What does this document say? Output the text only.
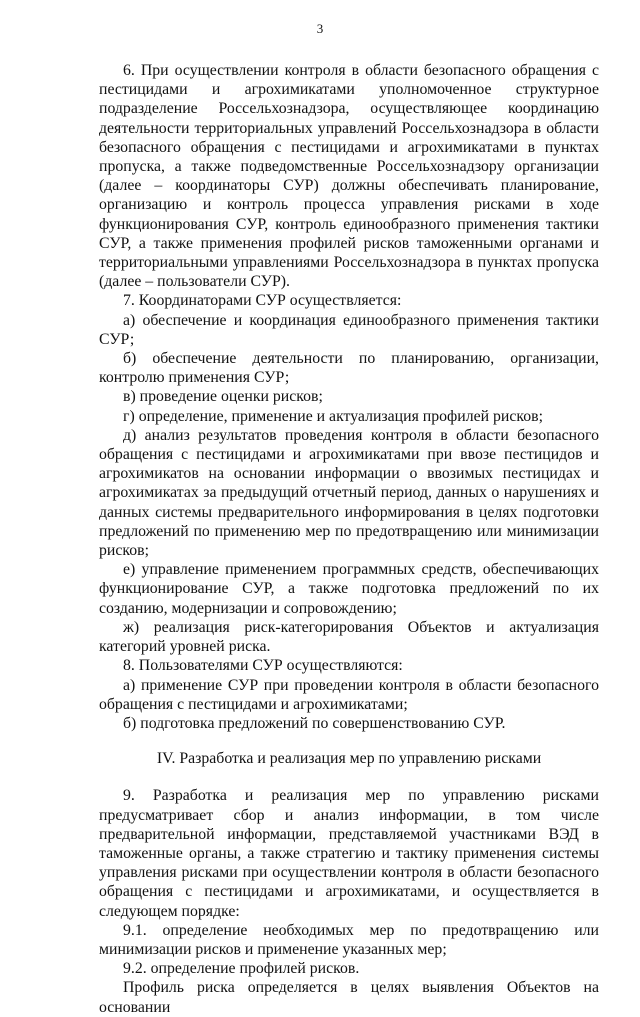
3

6. При осуществлении контроля в области безопасного обращения с пестицидами и агрохимикатами уполномоченное структурное подразделение Россельхознадзора, осуществляющее координацию деятельности территориальных управлений Россельхознадзора в области безопасного обращения с пестицидами и агрохимикатами в пунктах пропуска, а также подведомственные Россельхознадзору организации (далее – координаторы СУР) должны обеспечивать планирование, организацию и контроль процесса управления рисками в ходе функционирования СУР, контроль единообразного применения тактики СУР, а также применения профилей рисков таможенными органами и территориальными управлениями Россельхознадзора в пунктах пропуска (далее – пользователи СУР).

7. Координаторами СУР осуществляется:

а) обеспечение и координация единообразного применения тактики СУР;

б) обеспечение деятельности по планированию, организации, контролю применения СУР;

в) проведение оценки рисков;

г) определение, применение и актуализация профилей рисков;

д) анализ результатов проведения контроля в области безопасного обращения с пестицидами и агрохимикатами при ввозе пестицидов и агрохимикатов на основании информации о ввозимых пестицидах и агрохимикатах за предыдущий отчетный период, данных о нарушениях и данных системы предварительного информирования в целях подготовки предложений по применению мер по предотвращению или минимизации рисков;

е) управление применением программных средств, обеспечивающих функционирование СУР, а также подготовка предложений по их созданию, модернизации и сопровождению;

ж) реализация риск-категорирования Объектов и актуализация категорий уровней риска.

8. Пользователями СУР осуществляются:

а) применение СУР при проведении контроля в области безопасного обращения с пестицидами и агрохимикатами;

б) подготовка предложений по совершенствованию СУР.

IV. Разработка и реализация мер по управлению рисками

9. Разработка и реализация мер по управлению рисками предусматривает сбор и анализ информации, в том числе предварительной информации, представляемой участниками ВЭД в таможенные органы, а также стратегию и тактику применения системы управления рисками при осуществлении контроля в области безопасного обращения с пестицидами и агрохимикатами, и осуществляется в следующем порядке:

9.1. определение необходимых мер по предотвращению или минимизации рисков и применение указанных мер;

9.2. определение профилей рисков.

Профиль риска определяется в целях выявления Объектов на основании
